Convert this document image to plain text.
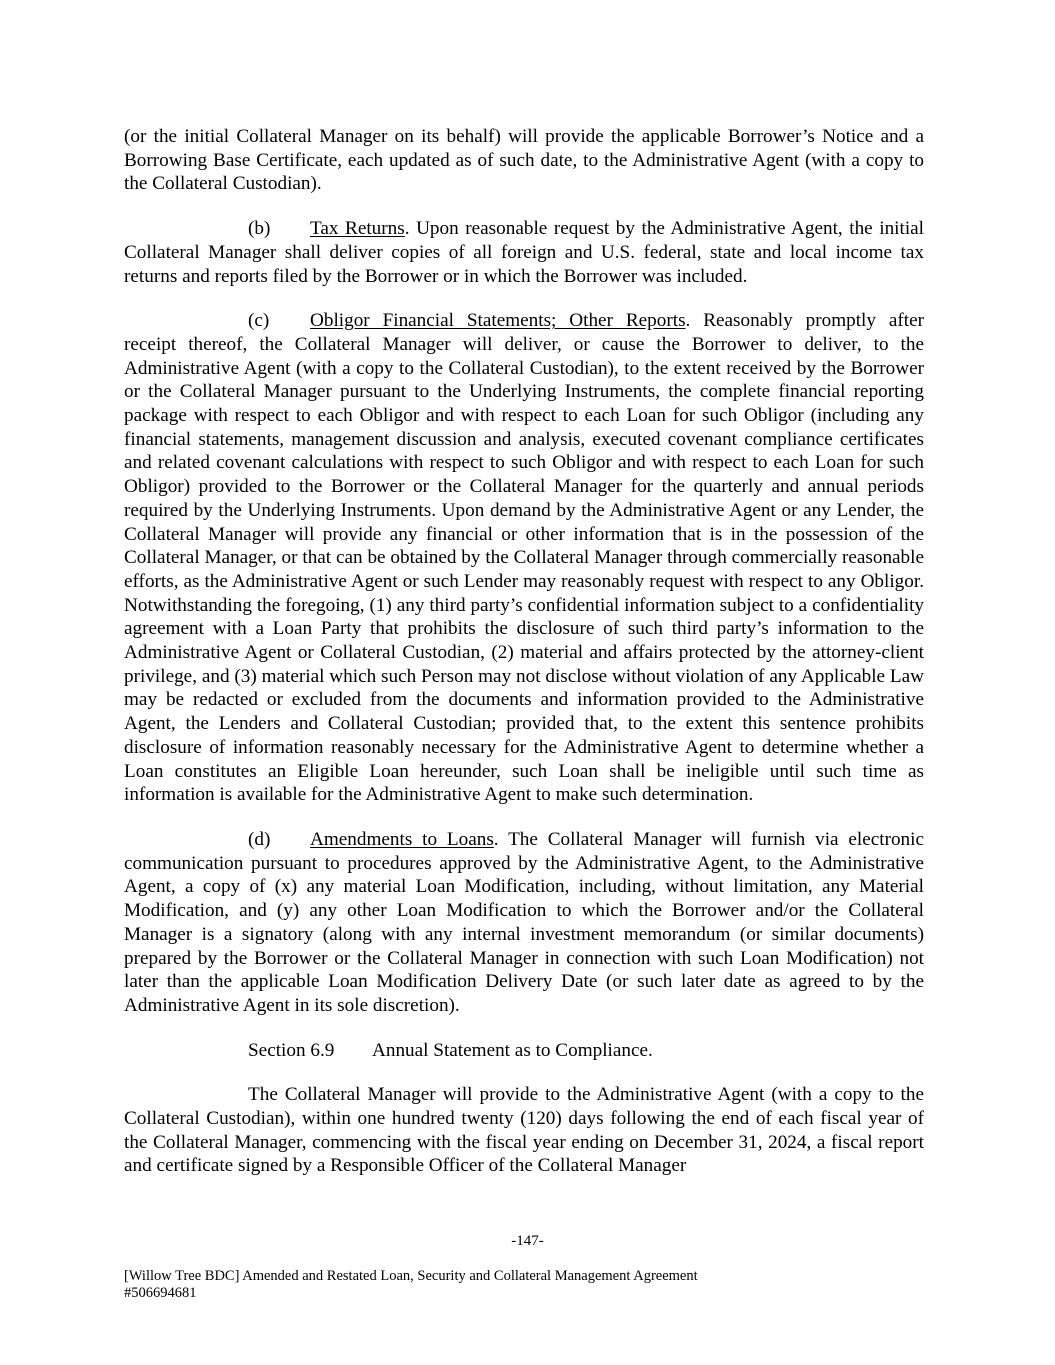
(or the initial Collateral Manager on its behalf) will provide the applicable Borrower’s Notice and a Borrowing Base Certificate, each updated as of such date, to the Administrative Agent (with a copy to the Collateral Custodian).

(b) Tax Returns. Upon reasonable request by the Administrative Agent, the initial Collateral Manager shall deliver copies of all foreign and U.S. federal, state and local income tax returns and reports filed by the Borrower or in which the Borrower was included.

(c) Obligor Financial Statements; Other Reports. Reasonably promptly after receipt thereof, the Collateral Manager will deliver, or cause the Borrower to deliver, to the Administrative Agent (with a copy to the Collateral Custodian), to the extent received by the Borrower or the Collateral Manager pursuant to the Underlying Instruments, the complete financial reporting package with respect to each Obligor and with respect to each Loan for such Obligor (including any financial statements, management discussion and analysis, executed covenant compliance certificates and related covenant calculations with respect to such Obligor and with respect to each Loan for such Obligor) provided to the Borrower or the Collateral Manager for the quarterly and annual periods required by the Underlying Instruments. Upon demand by the Administrative Agent or any Lender, the Collateral Manager will provide any financial or other information that is in the possession of the Collateral Manager, or that can be obtained by the Collateral Manager through commercially reasonable efforts, as the Administrative Agent or such Lender may reasonably request with respect to any Obligor. Notwithstanding the foregoing, (1) any third party’s confidential information subject to a confidentiality agreement with a Loan Party that prohibits the disclosure of such third party’s information to the Administrative Agent or Collateral Custodian, (2) material and affairs protected by the attorney-client privilege, and (3) material which such Person may not disclose without violation of any Applicable Law may be redacted or excluded from the documents and information provided to the Administrative Agent, the Lenders and Collateral Custodian; provided that, to the extent this sentence prohibits disclosure of information reasonably necessary for the Administrative Agent to determine whether a Loan constitutes an Eligible Loan hereunder, such Loan shall be ineligible until such time as information is available for the Administrative Agent to make such determination.

(d) Amendments to Loans. The Collateral Manager will furnish via electronic communication pursuant to procedures approved by the Administrative Agent, to the Administrative Agent, a copy of (x) any material Loan Modification, including, without limitation, any Material Modification, and (y) any other Loan Modification to which the Borrower and/or the Collateral Manager is a signatory (along with any internal investment memorandum (or similar documents) prepared by the Borrower or the Collateral Manager in connection with such Loan Modification) not later than the applicable Loan Modification Delivery Date (or such later date as agreed to by the Administrative Agent in its sole discretion).

Section 6.9 Annual Statement as to Compliance.

The Collateral Manager will provide to the Administrative Agent (with a copy to the Collateral Custodian), within one hundred twenty (120) days following the end of each fiscal year of the Collateral Manager, commencing with the fiscal year ending on December 31, 2024, a fiscal report and certificate signed by a Responsible Officer of the Collateral Manager

-147-
[Willow Tree BDC] Amended and Restated Loan, Security and Collateral Management Agreement
#506694681
